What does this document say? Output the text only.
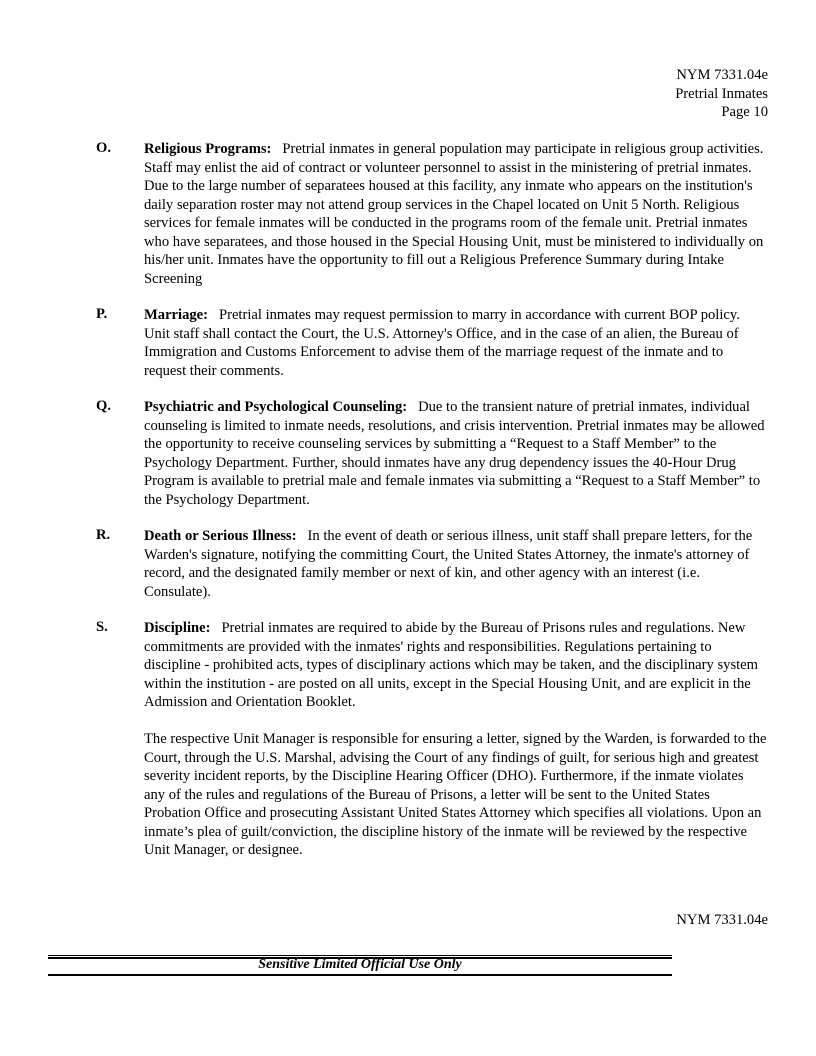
NYM 7331.04e
Pretrial Inmates
Page 10
O. Religious Programs: Pretrial inmates in general population may participate in religious group activities. Staff may enlist the aid of contract or volunteer personnel to assist in the ministering of pretrial inmates. Due to the large number of separatees housed at this facility, any inmate who appears on the institution's daily separation roster may not attend group services in the Chapel located on Unit 5 North. Religious services for female inmates will be conducted in the programs room of the female unit. Pretrial inmates who have separatees, and those housed in the Special Housing Unit, must be ministered to individually on his/her unit. Inmates have the opportunity to fill out a Religious Preference Summary during Intake Screening

P.	Marriage: Pretrial inmates may request permission to marry in accordance with current BOP policy. Unit staff shall contact the Court, the U.S. Attorney's Office, and in the case of an alien, the Bureau of Immigration and Customs Enforcement to advise them of the marriage request of the inmate and to request their comments.

Q. Psychiatric and Psychological Counseling: Due to the transient nature of pretrial inmates, individual counseling is limited to inmate needs, resolutions, and crisis intervention. Pretrial inmates may be allowed the opportunity to receive counseling services by submitting a “Request to a Staff Member” to the Psychology Department. Further, should inmates have any drug dependency issues the 40-Hour Drug Program is available to pretrial male and female inmates via submitting a “Request to a Staff Member” to the Psychology Department.

R. Death or Serious Illness: In the event of death or serious illness, unit staff shall prepare letters, for the Warden's signature, notifying the committing Court, the United States Attorney, the inmate's attorney of record, and the designated family member or next of kin, and other agency with an interest (i.e. Consulate).

S. Discipline: Pretrial inmates are required to abide by the Bureau of Prisons rules and regulations. New commitments are provided with the inmates' rights and responsibilities. Regulations pertaining to discipline - prohibited acts, types of disciplinary actions which may be taken, and the disciplinary system within the institution - are posted on all units, except in the Special Housing Unit, and are explicit in the Admission and Orientation Booklet.

The respective Unit Manager is responsible for ensuring a letter, signed by the Warden, is forwarded to the Court, through the U.S. Marshal, advising the Court of any findings of guilt, for serious high and greatest severity incident reports, by the Discipline Hearing Officer (DHO). Furthermore, if the inmate violates any of the rules and regulations of the Bureau of Prisons, a letter will be sent to the United States Probation Office and prosecuting Assistant United States Attorney which specifies all violations. Upon an inmate’s plea of guilt/conviction, the discipline history of the inmate will be reviewed by the respective Unit Manager, or designee.

NYM 7331.04e
Sensitive Limited Official Use Only
